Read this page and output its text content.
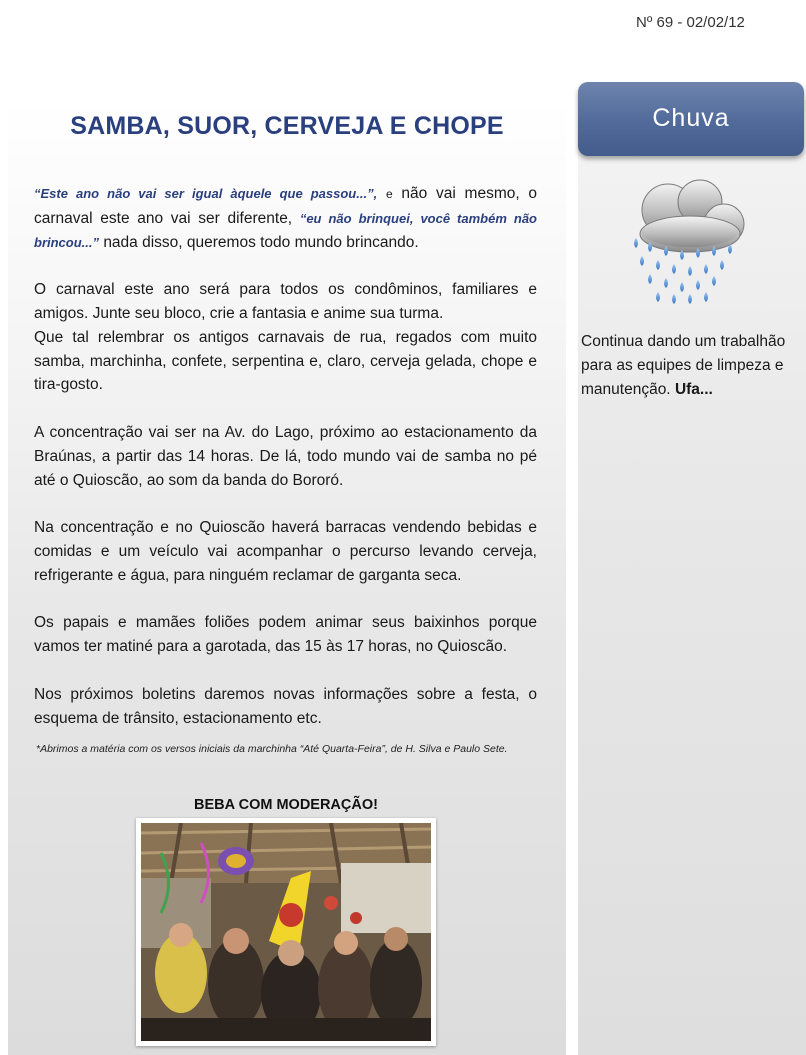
Nº 69 - 02/02/12
SAMBA, SUOR, CERVEJA E CHOPE

“Este ano não vai ser igual àquele que passou...”, e não vai mesmo, o carnaval este ano vai ser diferente, “eu não brinquei, você também não brincou...” nada disso, queremos todo mundo brincando.

O carnaval este ano será para todos os condôminos, familiares e amigos. Junte seu bloco, crie a fantasia e anime sua turma.

Que tal relembrar os antigos carnavais de rua, regados com muito samba, marchinha, confete, serpentina e, claro, cerveja gelada, chope e tira-gosto.

A concentração vai ser na Av. do Lago, próximo ao estacionamento da Braúnas, a partir das 14 horas. De lá, todo mundo vai de samba no pé até o Quioscão, ao som da banda do Bororó.

Na concentração e no Quioscão haverá barracas vendendo bebidas e comidas e um veículo vai acompanhar o percurso levando cerveja, refrigerante e água, para ninguém reclamar de garganta seca.

Os papais e mamães foliões podem animar seus baixinhos porque vamos ter matiné para a garotada, das 15 às 17 horas, no Quioscão.

Nos próximos boletins daremos novas informações sobre a festa, o esquema de trânsito, estacionamento etc.

*Abrimos a matéria com os versos iniciais da marchinha “Até Quarta-Feira”, de H. Silva e Paulo Sete.
BEBA COM MODERAÇÃO!
Chuva
Continua dando um trabalhão para as equipes de limpeza e manutenção. Ufa...
